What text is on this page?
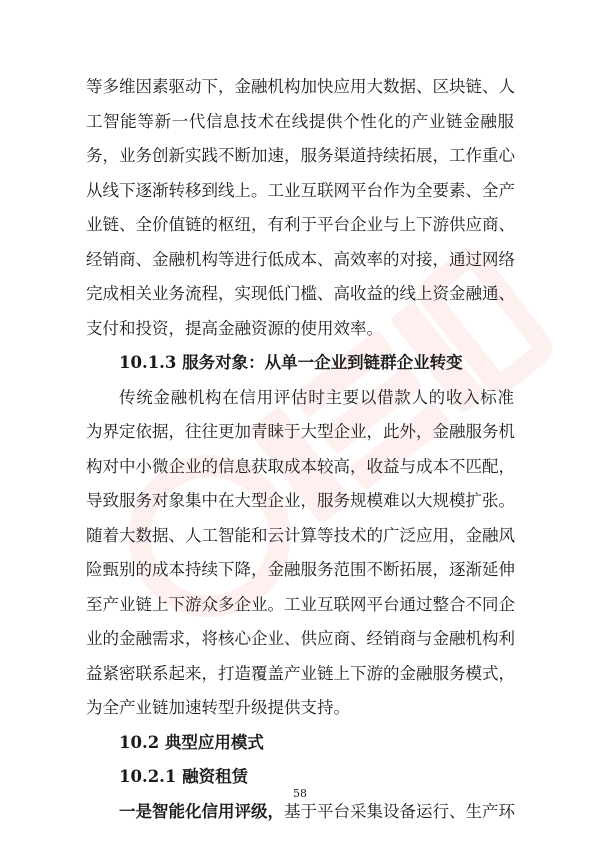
等多维因素驱动下，金融机构加快应用大数据、区块链、人
工智能等新一代信息技术在线提供个性化的产业链金融服
务，业务创新实践不断加速，服务渠道持续拓展，工作重心
从线下逐渐转移到线上。工业互联网平台作为全要素、全产
业链、全价值链的枢纽，有利于平台企业与上下游供应商、
经销商、金融机构等进行低成本、高效率的对接，通过网络
完成相关业务流程，实现低门槛、高收益的线上资金融通、
支付和投资，提高金融资源的使用效率。
10.1.3 服务对象：从单一企业到链群企业转变
传统金融机构在信用评估时主要以借款人的收入标准
为界定依据，往往更加青睐于大型企业，此外，金融服务机
构对中小微企业的信息获取成本较高，收益与成本不匹配，
导致服务对象集中在大型企业，服务规模难以大规模扩张。
随着大数据、人工智能和云计算等技术的广泛应用，金融风
险甄别的成本持续下降，金融服务范围不断拓展，逐渐延伸
至产业链上下游众多企业。工业互联网平台通过整合不同企
业的金融需求，将核心企业、供应商、经销商与金融机构利
益紧密联系起来，打造覆盖产业链上下游的金融服务模式，
为全产业链加速转型升级提供支持。
10.2 典型应用模式
10.2.1 融资租赁
一是智能化信用评级，基于平台采集设备运行、生产环
58
